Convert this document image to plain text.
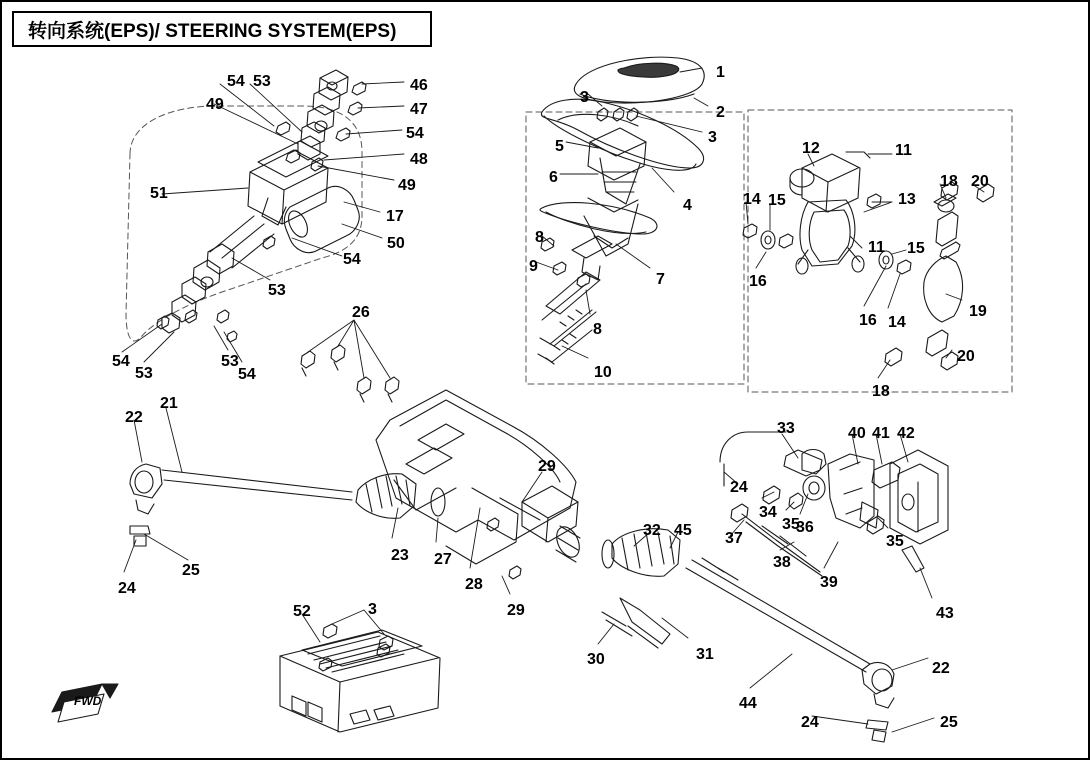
转向系统(EPS)/ STEERING SYSTEM(EPS)
FWD
1
2
3
3
4
5
6
7
8
8
9
10
11
11
12
13
14
14
15
15
16
16
17
18
18
19
20
20
21
22
22
23
24
24
24
25
25
26
27
28
29
29
30	31
32
33
34
35
35
36
37
38
39
40 41 42
43
44
45
46
47
48
49
49
50
51
52
53
53
53
53
54
54
54
54
54
3
